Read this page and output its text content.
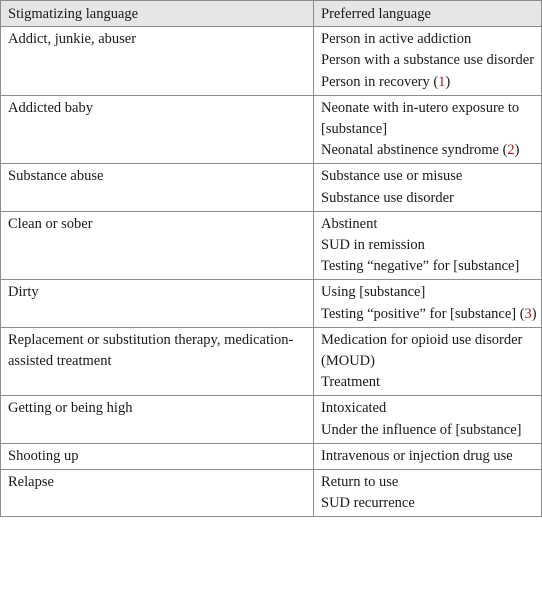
Stigmatizing language	Preferred language

Addict, junkie, abuser	Person in active addiction
Person with a substance use disorder
Person in recovery (1)

Addicted baby	Neonate with in-utero exposure to [substance]
Neonatal abstinence syndrome (2)

Substance abuse	Substance use or misuse
Substance use disorder

Clean or sober	Abstinent
SUD in remission
Testing “negative” for [substance]

Dirty	Using [substance]
Testing “positive” for [substance] (3)

Replacement or substitution therapy, medication-assisted treatment	Medication for opioid use disorder (MOUD)
Treatment

Getting or being high	Intoxicated
Under the influence of [substance]

Shooting up	Intravenous or injection drug use

Relapse	Return to use
SUD recurrence
